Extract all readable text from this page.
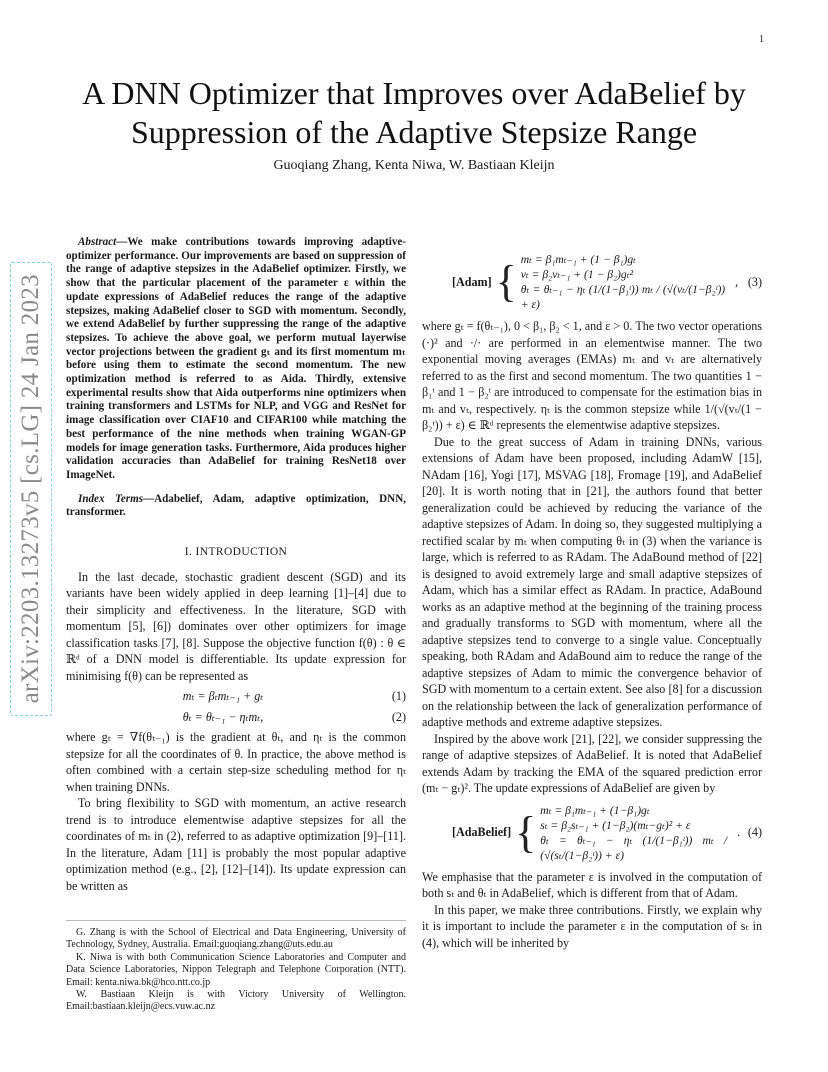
1
arXiv:2203.13273v5 [cs.LG] 24 Jan 2023
A DNN Optimizer that Improves over AdaBelief by Suppression of the Adaptive Stepsize Range
Guoqiang Zhang, Kenta Niwa, W. Bastiaan Kleijn

Abstract—We make contributions towards improving adaptive-optimizer performance. Our improvements are based on suppression of the range of adaptive stepsizes in the AdaBelief optimizer. Firstly, we show that the particular placement of the parameter ε within the update expressions of AdaBelief reduces the range of the adaptive stepsizes, making AdaBelief closer to SGD with momentum. Secondly, we extend AdaBelief by further suppressing the range of the adaptive stepsizes. To achieve the above goal, we perform mutual layerwise vector projections between the gradient gₜ and its first momentum mₜ before using them to estimate the second momentum. The new optimization method is referred to as Aida. Thirdly, extensive experimental results show that Aida outperforms nine optimizers when training transformers and LSTMs for NLP, and VGG and ResNet for image classification over CIAF10 and CIFAR100 while matching the best performance of the nine methods when training WGAN-GP models for image generation tasks. Furthermore, Aida produces higher validation accuracies than AdaBelief for training ResNet18 over ImageNet.

Index Terms—Adabelief, Adam, adaptive optimization, DNN, transformer.

I. INTRODUCTION

In the last decade, stochastic gradient descent (SGD) and its variants have been widely applied in deep learning [1]–[4] due to their simplicity and effectiveness. In the literature, SGD with momentum [5], [6]) dominates over other optimizers for image classification tasks [7], [8]. Suppose the objective function f(θ) : θ ∈ ℝᵈ of a DNN model is differentiable. Its update expression for minimising f(θ) can be represented as

mₜ = βₜmₜ₋₁ + gₜ	(1)
θₜ = θₜ₋₁ − ηₜmₜ,	(2)

where gₜ = ∇f(θₜ₋₁) is the gradient at θₜ, and ηₜ is the common stepsize for all the coordinates of θ. In practice, the above method is often combined with a certain step-size scheduling method for ηₜ when training DNNs.

To bring flexibility to SGD with momentum, an active research trend is to introduce elementwise adaptive stepsizes for all the coordinates of mₜ in (2), referred to as adaptive optimization [9]–[11]. In the literature, Adam [11] is probably the most popular adaptive optimization method (e.g., [2], [12]–[14]). Its update expression can be written as

G. Zhang is with the School of Electrical and Data Engineering, University of Technology, Sydney, Australia. Email:guoqiang.zhang@uts.edu.au

K. Niwa is with both Communication Science Laboratories and Computer and Data Science Laboratories, Nippon Telegraph and Telephone Corporation (NTT). Email: kenta.niwa.bk@hco.ntt.co.jp

W. Bastiaan Kleijn is with Victory University of Wellington. Email:bastiaan.kleijn@ecs.vuw.ac.nz

[Adam] { mₜ = β₁mₜ₋₁ + (1 − β₁)gₜ
vₜ = β₂vₜ₋₁ + (1 − β₂)gₜ²
θₜ = θₜ₋₁ − ηₜ (1/(1−β₁ᵗ)) mₜ / (√(vₜ/(1−β₂ᵗ)) + ε)
, (3)

where gₜ = f(θₜ₋₁), 0 < β₁, β₂ < 1, and ε > 0. The two vector operations (·)² and ·/· are performed in an elementwise manner. The two exponential moving averages (EMAs) mₜ and vₜ are alternatively referred to as the first and second momentum. The two quantities 1 − β₁ᵗ and 1 − β₂ᵗ are introduced to compensate for the estimation bias in mₜ and vₜ, respectively. ηₜ is the common stepsize while 1/(√(vₜ/(1 − β₂ᵗ)) + ε) ∈ ℝᵈ represents the elementwise adaptive stepsizes.

Due to the great success of Adam in training DNNs, various extensions of Adam have been proposed, including AdamW [15], NAdam [16], Yogi [17], MSVAG [18], Fromage [19], and AdaBelief [20]. It is worth noting that in [21], the authors found that better generalization could be achieved by reducing the variance of the adaptive stepsizes of Adam. In doing so, they suggested multiplying a rectified scalar by mₜ when computing θₜ in (3) when the variance is large, which is referred to as RAdam. The AdaBound method of [22] is designed to avoid extremely large and small adaptive stepsizes of Adam, which has a similar effect as RAdam. In practice, AdaBound works as an adaptive method at the beginning of the training process and gradually transforms to SGD with momentum, where all the adaptive stepsizes tend to converge to a single value. Conceptually speaking, both RAdam and AdaBound aim to reduce the range of the adaptive stepsizes of Adam to mimic the convergence behavior of SGD with momentum to a certain extent. See also [8] for a discussion on the relationship between the lack of generalization performance of adaptive methods and extreme adaptive stepsizes.

Inspired by the above work [21], [22], we consider suppressing the range of adaptive stepsizes of AdaBelief. It is noted that AdaBelief extends Adam by tracking the EMA of the squared prediction error (mₜ − gₜ)². The update expressions of AdaBelief are given by

[AdaBelief] { mₜ = β₁mₜ₋₁ + (1−β₁)gₜ
sₜ = β₂sₜ₋₁ + (1−β₂)(mₜ−gₜ)² + ε
θₜ = θₜ₋₁ − ηₜ (1/(1−β₁ᵗ)) mₜ / (√(sₜ/(1−β₂ᵗ)) + ε)
. (4)

We emphasise that the parameter ε is involved in the computation of both sₜ and θₜ in AdaBelief, which is different from that of Adam.

In this paper, we make three contributions. Firstly, we explain why it is important to include the parameter ε in the computation of sₜ in (4), which will be inherited by
